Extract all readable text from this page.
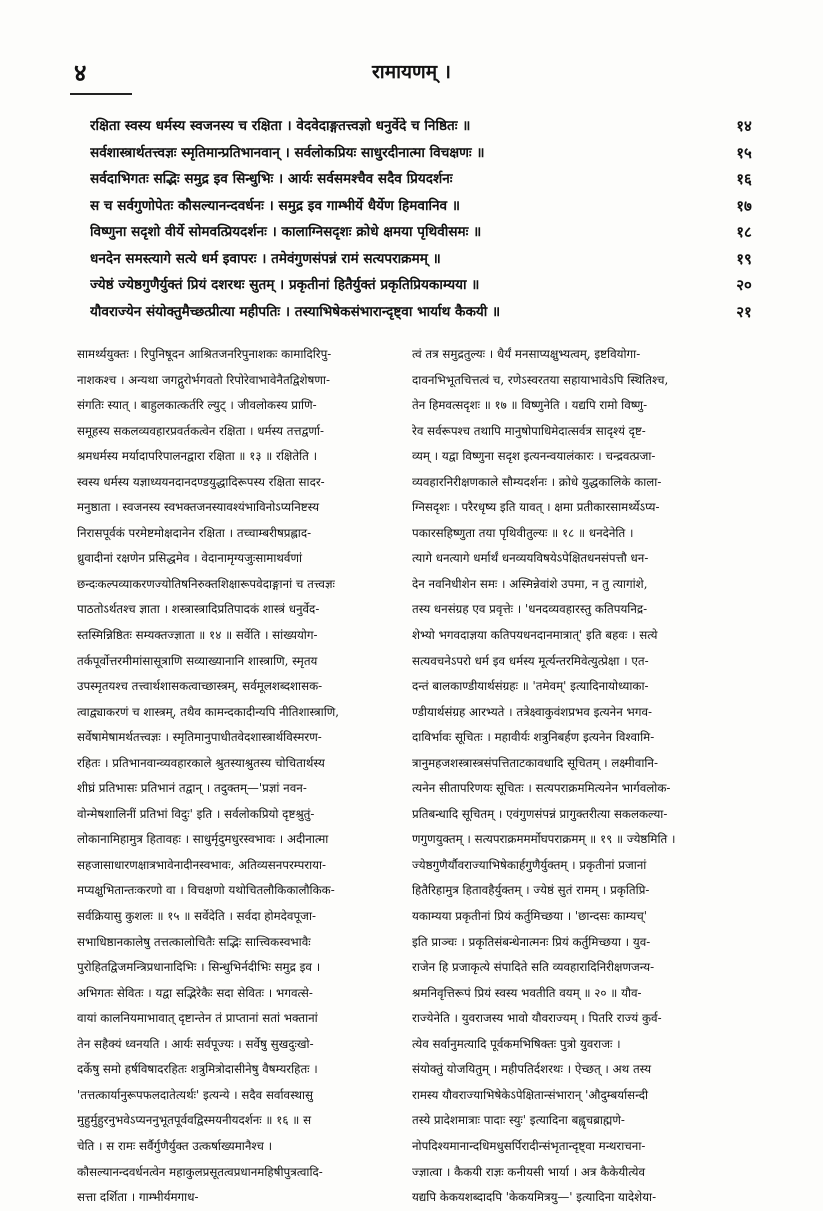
४	रामायणम् ।
रक्षिता स्वस्य धर्मस्य स्वजनस्य च रक्षिता । वेदवेदाङ्गतत्त्वज्ञो धनुर्वेदे च निष्ठितः ॥	१४
सर्वशास्त्रार्थतत्त्वज्ञः स्मृतिमान्प्रतिभानवान् । सर्वलोकप्रियः साधुरदीनात्मा विचक्षणः ॥	१५
सर्वदाभिगतः सद्भिः समुद्र इव सिन्धुभिः । आर्यः सर्वसमश्चैव सदैव प्रियदर्शनः	१६
स च सर्वगुणोपेतः कौसल्यानन्दवर्धनः । समुद्र इव गाम्भीर्ये धैर्येण हिमवानिव ॥	१७
विष्णुना सदृशो वीर्ये सोमवत्प्रियदर्शनः । कालाग्निसदृशः क्रोधे क्षमया पृथिवीसमः ॥	१८
धनदेन समस्त्यागे सत्ये धर्म इवापरः । तमेवंगुणसंपन्नं रामं सत्यपराक्रमम् ॥	१९
ज्येष्ठं ज्येष्ठगुणैर्युक्तं प्रियं दशरथः सुतम् । प्रकृतीनां हितैर्युक्तं प्रकृतिप्रियकाम्यया ॥	२०
यौवराज्येन संयोक्तुमैच्छत्प्रीत्या महीपतिः । तस्याभिषेकसंभारान्दृष्ट्वा भार्याथ कैकयी ॥	२१

सामर्थ्ययुक्तः । रिपुनिषूदन आश्रितजनरिपुनाशकः कामादिरिपु-

नाशकश्च । अन्यथा जगद्गुरोर्भगवतो रिपोरेवाभावेनैतद्विशेषणा-

संगतिः स्यात् । बाहुलकात्कर्तरि ल्युट् । जीवलोकस्य प्राणि-

समूहस्य सकलव्यवहारप्रवर्तकत्वेन रक्षिता । धर्मस्य तत्तद्वर्णा-

श्रमधर्मस्य मर्यादापरिपालनद्वारा रक्षिता ॥ १३ ॥ रक्षितेति ।

स्वस्य धर्मस्य यज्ञाध्ययनदानदण्डयुद्धादिरूपस्य रक्षिता सादर-

मनुष्ठाता । स्वजनस्य स्वभक्तजनस्यावश्यंभाविनोऽप्यनिष्टस्य

निरासपूर्वकं परमेष्टमोक्षदानेन रक्षिता । तच्चाम्बरीषप्रह्लाद-

ध्रुवादीनां रक्षणेन प्रसिद्धमेव । वेदानामृग्यजुःसामाथर्वणां

छन्दःकल्पव्याकरणज्योतिषनिरुक्तशिक्षारूपवेदाङ्गानां च तत्त्वज्ञः

पाठतोऽर्थतश्च ज्ञाता । शस्त्रास्त्रादिप्रतिपादकं शास्त्रं धनुर्वेद-

स्तस्मिन्निष्ठितः सम्यक्तज्ज्ञाता ॥ १४ ॥ सर्वेति । सांख्ययोग-

तर्कपूर्वोत्तरमीमांसासूत्राणि सव्याख्यानानि शास्त्राणि, स्मृतय

उपस्मृतयश्च तत्त्वार्थशासकत्वाच्छास्त्रम्, सर्वमूलशब्दशासक-

त्वाद्व्याकरणं च शास्त्रम्, तथैव कामन्दकादीन्यपि नीतिशास्त्राणि,

सर्वेषामेषामर्थतत्त्वज्ञः । स्मृतिमानुपाधीतवेदशास्त्रार्थविस्मरण-

रहितः । प्रतिभानवान्व्यवहारकाले श्रुतस्याश्रुतस्य चोचितार्थस्य

शीघ्रं प्रतिभासः प्रतिभानं तद्वान् । तदुक्तम्—'प्रज्ञां नवन-

वोन्मेषशालिनीं प्रतिभां विदुः' इति । सर्वलोकप्रियो दृष्टश्रुतुं-

लोकानामिहामुत्र हितावहः । साधुर्मृदुमधुरस्वभावः । अदीनात्मा

सहजासाधारणक्षात्रभावेनादीनस्वभावः, अतिव्यसनपरम्पराया-

मप्यक्षुभितान्तःकरणो वा । विचक्षणो यथोचितलौकिकालौकिक-

सर्वक्रियासु कुशलः ॥ १५ ॥ सर्वेदेति । सर्वदा होमदेवपूजा-

सभाधिष्ठानकालेषु तत्तत्कालोचितैः सद्भिः सात्त्विकस्वभावैः

पुरोहितद्विजमन्त्रिप्रधानादिभिः । सिन्धुभिर्नदीभिः समुद्र इव ।

अभिगतः सेवितः । यद्वा सद्भिरेकैः सदा सेवितः । भगवत्से-

वायां कालनियमाभावात् दृष्टान्तेन तं प्राप्तानां सतां भक्तानां

तेन सहैक्यं ध्वनयति । आर्यः सर्वपूज्यः । सर्वेषु सुखदुःखो-

दर्केषु समो हर्षविषादरहितः शत्रुमित्रोदासीनेषु वैषम्यरहितः ।

'तत्तत्कार्यानुरूपफलदातेत्यर्थः' इत्यन्ये । सदैव सर्वावस्थासु

मुहुर्मुहुरनुभवेऽप्यननुभूतपूर्ववद्विस्मयनीयदर्शनः ॥ १६ ॥ स

चेति । स रामः सर्वैर्गुणैर्युक्त उत्कर्षाख्यमानैश्च ।

कौसल्यानन्दवर्धनत्वेन महाकुलप्रसूतत्वप्रधानमहिषीपुत्रत्वादि-

सत्ता दर्शिता । गाम्भीर्यमगाध-

त्वं तत्र समुद्रतुल्यः । धैर्यं मनसाप्यक्षुभ्यत्वम्, इष्टवियोगा-

दावनभिभूतचित्तत्वं च, रणेऽस्वरतया सहायाभावेऽपि स्थितिश्च,

तेन हिमवत्सदृशः ॥ १७ ॥ विष्णुनेति । यद्यपि रामो विष्णु-

रेव सर्वरूपश्च तथापि मानुषोपाधिमेदात्सर्वत्र सादृश्यं दृष्ट-

व्यम् । यद्वा विष्णुना सदृश इत्यनन्वयालंकारः । चन्द्रवत्प्रजा-

व्यवहारनिरीक्षणकाले सौम्यदर्शनः । क्रोधे युद्धकालिके काला-

ग्निसदृशः । परैरधृष्य इति यावत् । क्षमा प्रतीकारसामर्थ्येऽप्य-

पकारसहिष्णुता तया पृथिवीतुल्यः ॥ १८ ॥ धनदेनेति ।

त्यागे धनत्यागे धर्मार्थं धनव्ययविषयेऽपेक्षितधनसंपत्तौ धन-

देन नवनिधीशेन समः । अस्मिन्नेवांशे उपमा, न तु त्यागांशे,

तस्य धनसंग्रह एव प्रवृत्तेः । 'धनदव्यवहारस्तु कतिपयनिद्र-

शेभ्यो भगवदाज्ञया कतिपयधनदानमात्रात्' इति बहवः । सत्ये

सत्यवचनेऽपरो धर्म इव धर्मस्य मूर्त्यन्तरमिवेत्युत्प्रेक्षा । एत-

दन्तं बालकाण्डीयार्थसंग्रहः ॥ 'तमेवम्' इत्यादिनायोध्याका-

ण्डीयार्थसंग्रह आरभ्यते । तत्रेक्ष्वाकुवंशप्रभव इत्यनेन भगव-

दाविर्भावः सूचितः । महावीर्यः शत्रुनिबर्हण इत्यनेन विश्वामि-

त्रानुमहजशस्त्रास्त्रसंपत्तिताटकावधादि सूचितम् । लक्ष्मीवानि-

त्यनेन सीतापरिणयः सूचितः । सत्यपराक्रममित्यनेन भार्गवलोक-

प्रतिबन्धादि सूचितम् । एवंगुणसंपन्नं प्रागुक्तरीत्या सकलकल्या-

णगुणयुक्तम् । सत्यपराक्रममर्मोघपराक्रमम् ॥ १९ ॥ ज्येष्ठमिति ।

ज्येष्ठगुणैर्यौवराज्याभिषेकार्हगुणैर्युक्तम् । प्रकृतीनां प्रजानां

हितैरिहामुत्र हितावहैर्युक्तम् । ज्येष्ठं सुतं रामम् । प्रकृतिप्रि-

यकाम्यया प्रकृतीनां प्रियं कर्तुमिच्छया । 'छान्दसः काम्यच्'

इति प्राञ्चः । प्रकृतिसंबन्धेनात्मनः प्रियं कर्तुमिच्छया । युव-

राजेन हि प्रजाकृत्ये संपादिते सति व्यवहारादिनिरीक्षणजन्य-

श्रमनिवृत्तिरूपं प्रियं स्वस्य भवतीति वयम् ॥ २० ॥ यौव-

राज्येनेति । युवराजस्य भावो यौवराज्यम् । पितरि राज्यं कुर्व-

त्येव सर्वानुमत्यादि पूर्वकमभिषिक्तः पुत्रो युवराजः ।

संयोक्तुं योजयितुम् । महीपतिर्दशरथः । ऐच्छत् । अथ तस्य

रामस्य यौवराज्याभिषेकेऽपेक्षितान्संभारान् 'औदुम्बर्यासन्दी

तस्ये प्रादेशमात्राः पादाः स्युः' इत्यादिना बह्वृचब्राह्मणे-

नोपदिश्यमानान्दधिमधुसर्पिरादीन्संभृतान्दृष्ट्वा मन्थराचना-

ज्ज्ञात्वा । कैकयी राज्ञः कनीयसी भार्या । अत्र कैकेयीत्येव

यद्यपि केकयशब्दादपि 'केकयमित्रयु—' इत्यादिना यादेशेया-
